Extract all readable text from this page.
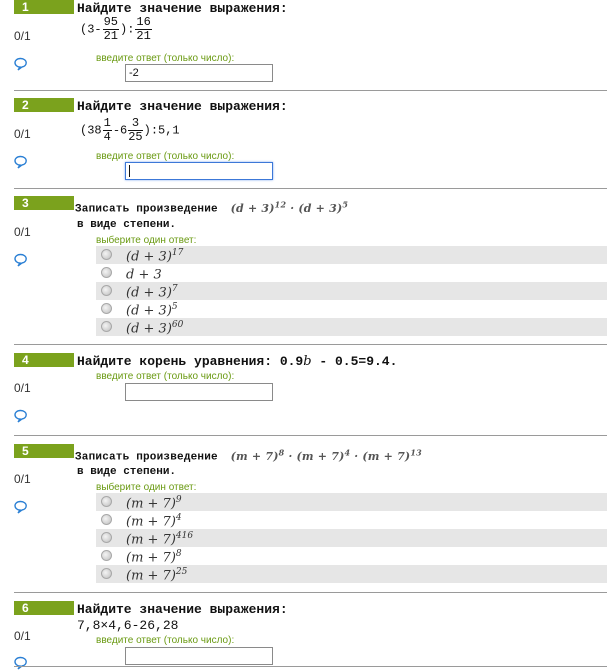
1	Найдите значение выражения:
0/1	($3- \frac{95}{21}$ ): $\frac{16}{21}$
введите ответ (только число):
-2
2	Найдите значение выражения:
0/1	($38 \frac{1}{4} -6 \frac{3}{25}$ ):5,1
введите ответ (только число):
3	Записать произведение $(d + 3)^{12} \cdot (d + 3)^5$
0/1	в виде степени.
выберите один ответ:
$(d + 3)^{17}$
d + 3
$(d + 3)^7$
$(d + 3)^5$
$(d + 3)^{60}$
4	Найдите корень уравнения: 0.9b - 0.5=9.4.
0/1
введите ответ (только число):
5	Записать произведение $(m + 7)^8 \cdot (m + 7)^4 \cdot (m + 7)^{13}$
0/1	в виде степени.
выберите один ответ:
$(m + 7)^9$
$(m + 7)^4$
$(m + 7)^{416}$
$(m + 7)^8$
$(m + 7)^{25}$
6	Найдите значение выражения:
7,8×4,6-26,28
0/1	введите ответ (только число):
